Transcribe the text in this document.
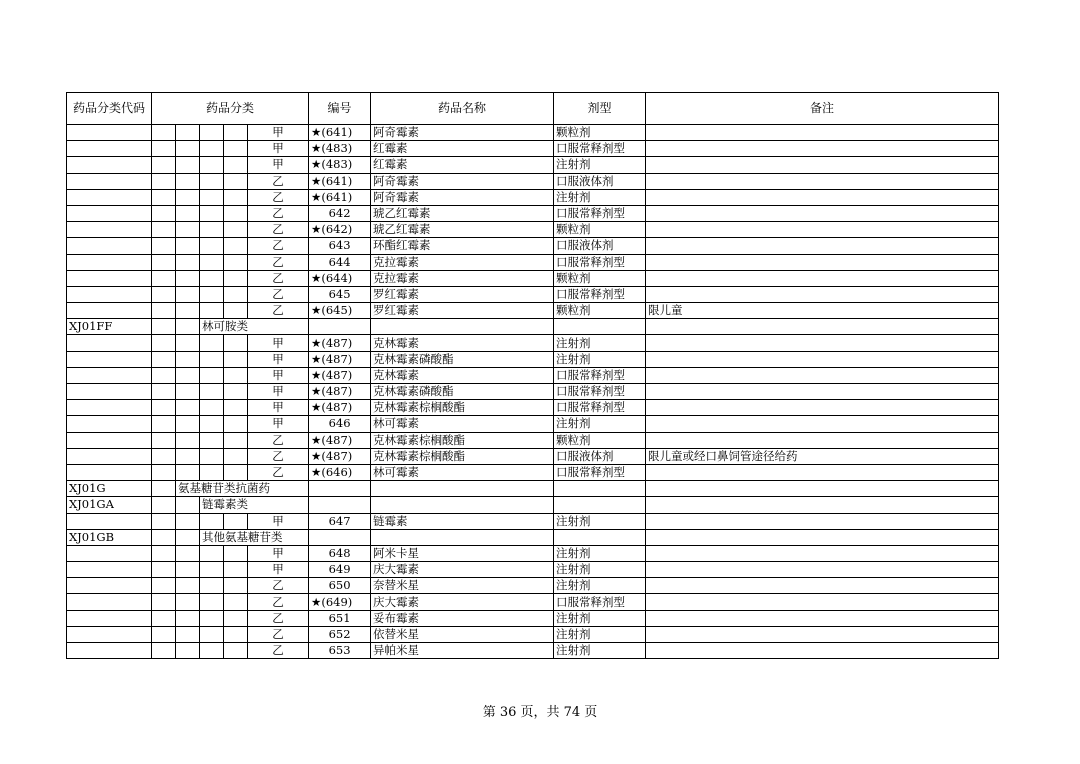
药品分类代码	药品分类					编号	药品名称	剂型	备注
					甲	★(641)	阿奇霉素	颗粒剂	
					甲	★(483)	红霉素	口服常释剂型	
					甲	★(483)	红霉素	注射剂	
					乙	★(641)	阿奇霉素	口服液体剂	
					乙	★(641)	阿奇霉素	注射剂	
					乙	642	琥乙红霉素	口服常释剂型	
					乙	★(642)	琥乙红霉素	颗粒剂	
					乙	643	环酯红霉素	口服液体剂	
					乙	644	克拉霉素	口服常释剂型	
					乙	★(644)	克拉霉素	颗粒剂	
					乙	645	罗红霉素	口服常释剂型	
					乙	★(645)	罗红霉素	颗粒剂	限儿童
XJ01FF			林可胺类						
					甲	★(487)	克林霉素	注射剂	
					甲	★(487)	克林霉素磷酸酯	注射剂	
					甲	★(487)	克林霉素	口服常释剂型	
					甲	★(487)	克林霉素磷酸酯	口服常释剂型	
					甲	★(487)	克林霉素棕榈酸酯	口服常释剂型	
					甲	646	林可霉素	注射剂	
					乙	★(487)	克林霉素棕榈酸酯	颗粒剂	
					乙	★(487)	克林霉素棕榈酸酯	口服液体剂	限儿童或经口鼻饲管途径给药
					乙	★(646)	林可霉素	口服常释剂型	
XJ01G		氨基糖苷类抗菌药							
XJ01GA			链霉素类						
					甲	647	链霉素	注射剂	
XJ01GB			其他氨基糖苷类						
					甲	648	阿米卡星	注射剂	
					甲	649	庆大霉素	注射剂	
					乙	650	奈替米星	注射剂	
					乙	★(649)	庆大霉素	口服常释剂型	
					乙	651	妥布霉素	注射剂	
					乙	652	依替米星	注射剂	
					乙	653	异帕米星	注射剂	
第 36 页，共 74 页
